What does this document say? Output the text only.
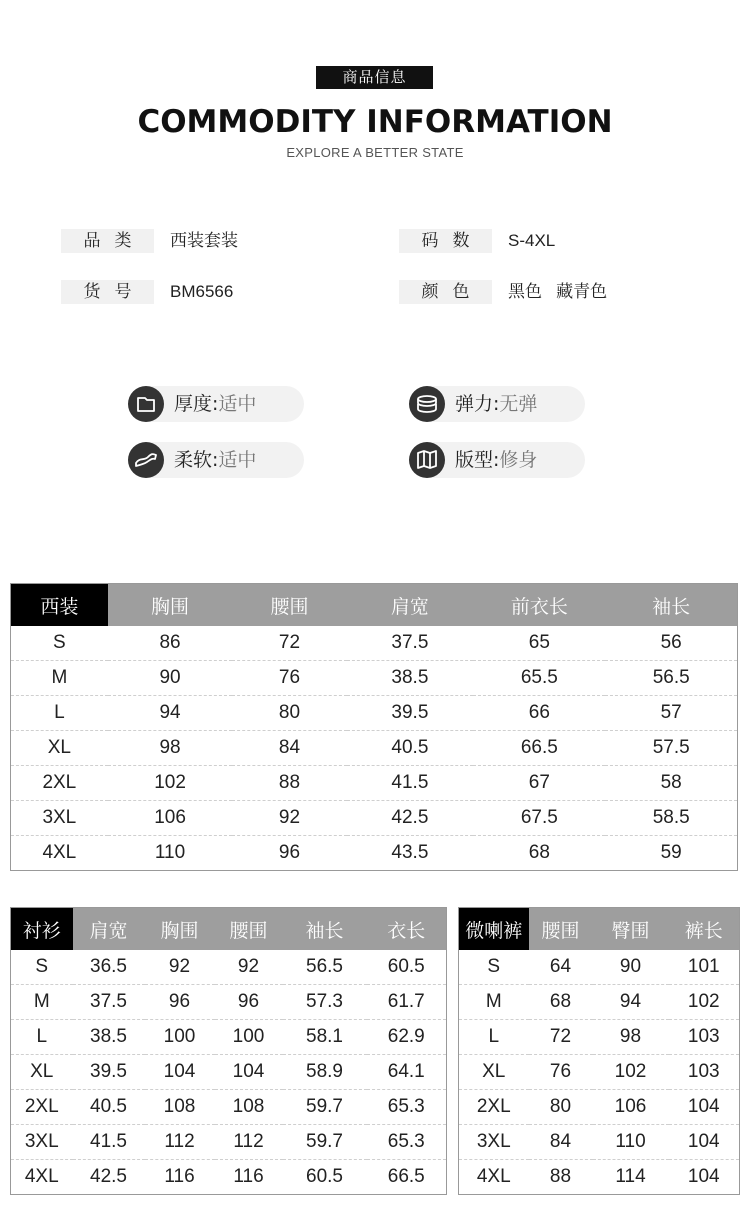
商品信息
COMMODITY INFORMATION
EXPLORE A BETTER STATE
品类	西装套装	码数	S-4XL
货号	BM6566	颜色	黑色   藏青色
厚度:适中	弹力:无弹
柔软:适中	版型:修身
西装	胸围	腰围	肩宽	前衣长	袖长
S	86	72	37.5	65	56
M	90	76	38.5	65.5	56.5
L	94	80	39.5	66	57
XL	98	84	40.5	66.5	57.5
2XL	102	88	41.5	67	58
3XL	106	92	42.5	67.5	58.5
4XL	110	96	43.5	68	59
衬衫	肩宽	胸围	腰围	袖长	衣长
S	36.5	92	92	56.5	60.5
M	37.5	96	96	57.3	61.7
L	38.5	100	100	58.1	62.9
XL	39.5	104	104	58.9	64.1
2XL	40.5	108	108	59.7	65.3
3XL	41.5	112	112	59.7	65.3
4XL	42.5	116	116	60.5	66.5
微喇裤	腰围	臀围	裤长
S	64	90	101
M	68	94	102
L	72	98	103
XL	76	102	103
2XL	80	106	104
3XL	84	110	104
4XL	88	114	104
